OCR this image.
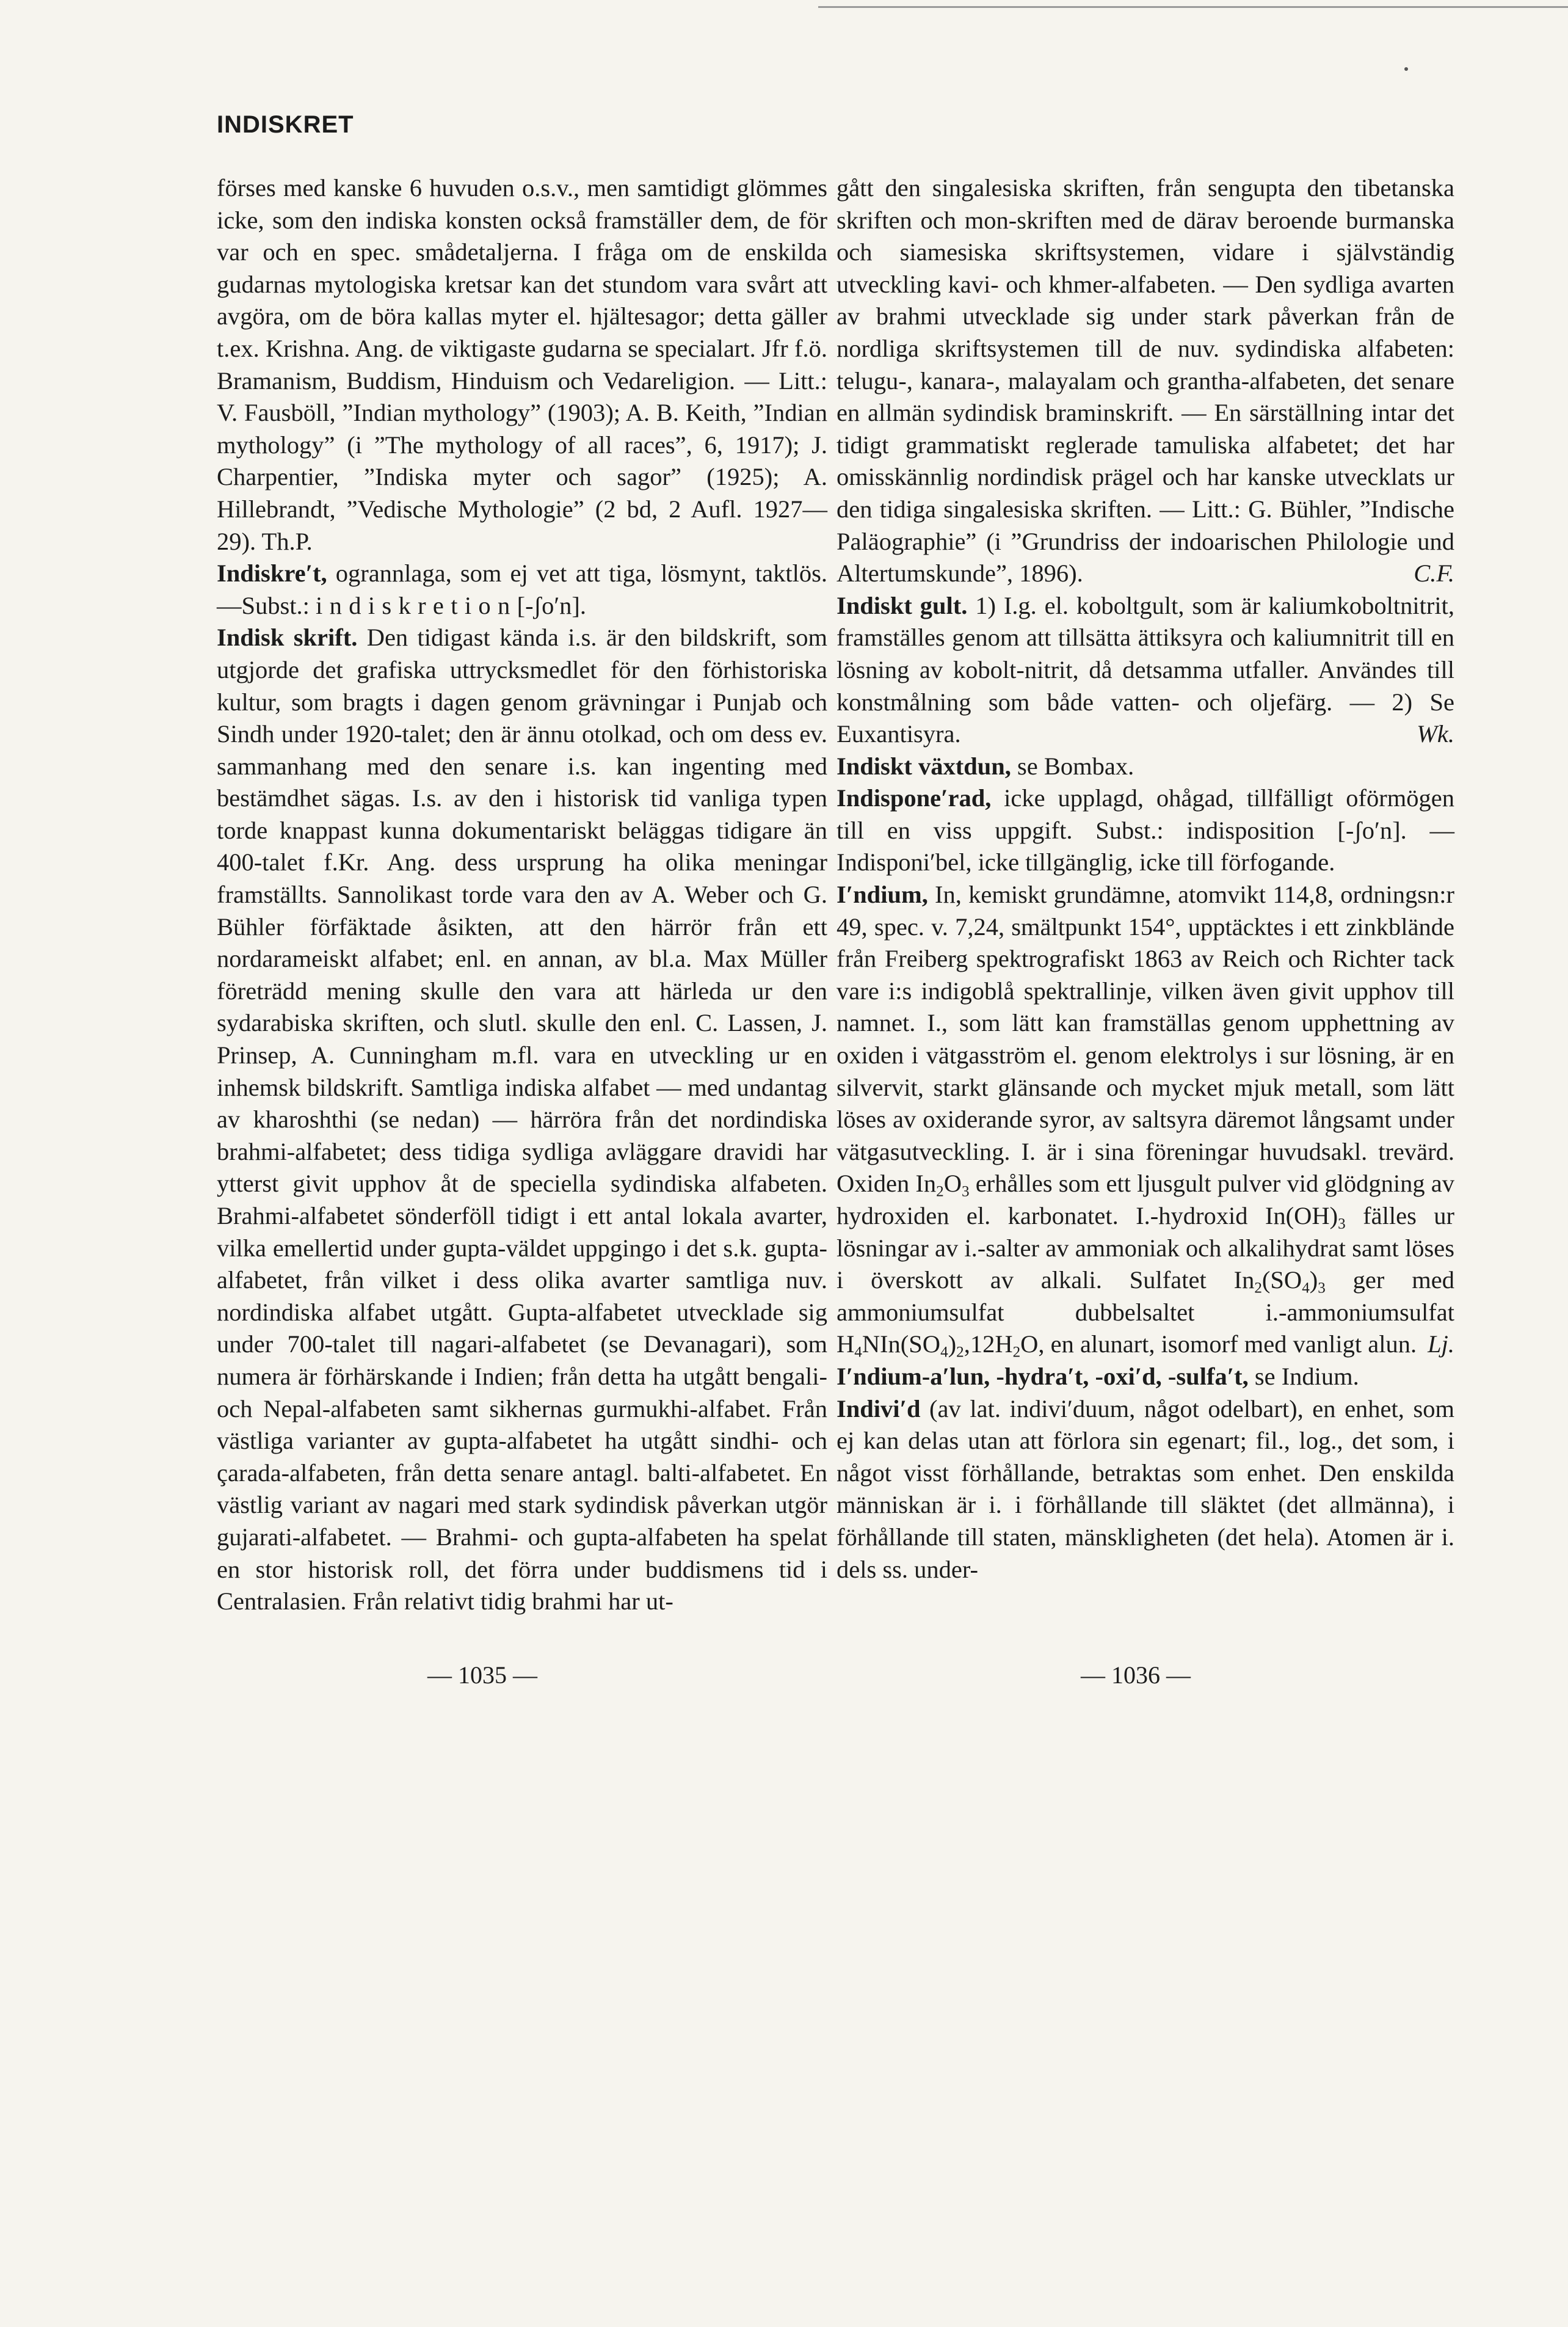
INDISKRET

förses med kanske 6 huvuden o.s.v., men samtidigt glömmes icke, som den indiska konsten också framställer dem, de för var och en spec. smådetaljerna. I fråga om de enskilda gudarnas mytologiska kretsar kan det stundom vara svårt att avgöra, om de böra kallas myter el. hjältesagor; detta gäller t.ex. Krishna. Ang. de viktigaste gudarna se specialart. Jfr f.ö. Bramanism, Buddism, Hinduism och Vedareligion. — Litt.: V. Fausböll, ”Indian mythology” (1903); A. B. Keith, ”Indian mythology” (i ”The mythology of all races”, 6, 1917); J. Charpentier, ”Indiska myter och sagor” (1925); A. Hillebrandt, ”Vedische Mythologie” (2 bd, 2 Aufl. 1927—29). Th.P.

Indiskre′t, ogrannlaga, som ej vet att tiga, lösmynt, taktlös.—Subst.: indiskretion[-ʃo′n].

Indisk skrift. Den tidigast kända i.s. är den bildskrift, som utgjorde det grafiska uttrycksmedlet för den förhistoriska kultur, som bragts i dagen genom grävningar i Punjab och Sindh under 1920-talet; den är ännu otolkad, och om dess ev. sammanhang med den senare i.s. kan ingenting med bestämdhet sägas. I.s. av den i historisk tid vanliga typen torde knappast kunna dokumentariskt beläggas tidigare än 400-talet f.Kr. Ang. dess ursprung ha olika meningar framställts. Sannolikast torde vara den av A. Weber och G. Bühler förfäktade åsikten, att den härrör från ett nordarameiskt alfabet; enl. en annan, av bl.a. Max Müller företrädd mening skulle den vara att härleda ur den sydarabiska skriften, och slutl. skulle den enl. C. Lassen, J. Prinsep, A. Cunningham m.fl. vara en utveckling ur en inhemsk bildskrift. Samtliga indiska alfabet — med undantag av kharoshthi (se nedan) — härröra från det nordindiska brahmi-alfabetet; dess tidiga sydliga avläggare dravidi har ytterst givit upphov åt de speciella sydindiska alfabeten. Brahmi-alfabetet sönderföll tidigt i ett antal lokala avarter, vilka emellertid under gupta-väldet uppgingo i det s.k. gupta-alfabetet, från vilket i dess olika avarter samtliga nuv. nordindiska alfabet utgått. Gupta-alfabetet utvecklade sig under 700-talet till nagari-alfabetet (se Devanagari), som numera är förhärskande i Indien; från detta ha utgått bengali- och Nepal-alfabeten samt sikhernas gurmukhi-alfabet. Från västliga varianter av gupta-alfabetet ha utgått sindhi- och çarada-alfabeten, från detta senare antagl. balti-alfabetet. En västlig variant av nagari med stark sydindisk påverkan utgör gujarati-alfabetet. — Brahmi- och gupta-alfabeten ha spelat en stor historisk roll, det förra under buddismens tid i Centralasien. Från relativt tidig brahmi har ut-

gått den singalesiska skriften, från sengupta den tibetanska skriften och mon-skriften med de därav beroende burmanska och siamesiska skriftsystemen, vidare i självständig utveckling kavi- och khmer-alfabeten. — Den sydliga avarten av brahmi utvecklade sig under stark påverkan från de nordliga skriftsystemen till de nuv. sydindiska alfabeten: telugu-, kanara-, malayalam och grantha-alfabeten, det senare en allmän sydindisk braminskrift. — En särställning intar det tidigt grammatiskt reglerade tamuliska alfabetet; det har omisskännlig nordindisk prägel och har kanske utvecklats ur den tidiga singalesiska skriften. — Litt.: G. Bühler, ”Indische Paläographie” (i ”Grundriss der indoarischen Philologie und Altertumskunde”, 1896).	C.F.

Indiskt gult. 1) I.g. el. koboltgult, som är kaliumkoboltnitrit, framställes genom att tillsätta ättiksyra och kaliumnitrit till en lösning av kobolt-nitrit, då detsamma utfaller. Användes till konstmålning som både vatten- och oljefärg. — 2) Se Euxantisyra.	Wk.

Indiskt växtdun, se Bombax.

Indispone′rad, icke upplagd, ohågad, tillfälligt oförmögen till en viss uppgift. Subst.: indisposition [-ʃo′n]. — Indisponi′bel, icke tillgänglig, icke till förfogande.

I′ndium, In, kemiskt grundämne, atomvikt 114,8, ordningsn:r 49, spec. v. 7,24, smältpunkt 154°, upptäcktes i ett zinkblände från Freiberg spektrografiskt 1863 av Reich och Richter tack vare i:s indigoblå spektrallinje, vilken även givit upphov till namnet. I., som lätt kan framställas genom upphettning av oxiden i vätgasström el. genom elektrolys i sur lösning, är en silvervit, starkt glänsande och mycket mjuk metall, som lätt löses av oxiderande syror, av saltsyra däremot långsamt under vätgasutveckling. I. är i sina föreningar huvudsakl. trevärd. Oxiden $In_2O_3$ erhålles som ett ljusgult pulver vid glödgning av hydroxiden el. karbonatet. I.-hydroxid $In(OH)_3$ fälles ur lösningar av i.-salter av ammoniak och alkalihydrat samt löses i överskott av alkali. Sulfatet $In_2(SO_4)_3$ ger med ammoniumsulfat dubbelsaltet i.-ammoniumsulfat $H_4NIn(SO_4)_2,12H_2O$, en alunart, isomorf med vanligt alun. Lj.

I′ndium-a′lun, -hydra′t, -oxi′d, -sulfa′t, se Indium.

Indivi′d (av lat. indivi′duum, något odelbart), en enhet, som ej kan delas utan att förlora sin egenart; fil., log., det som, i något visst förhållande, betraktas som enhet. Den enskilda människan är i. i förhållande till släktet (det allmänna), i förhållande till staten, mänskligheten (det hela). Atomen är i. dels ss. under-

— 1035 —	— 1036 —
